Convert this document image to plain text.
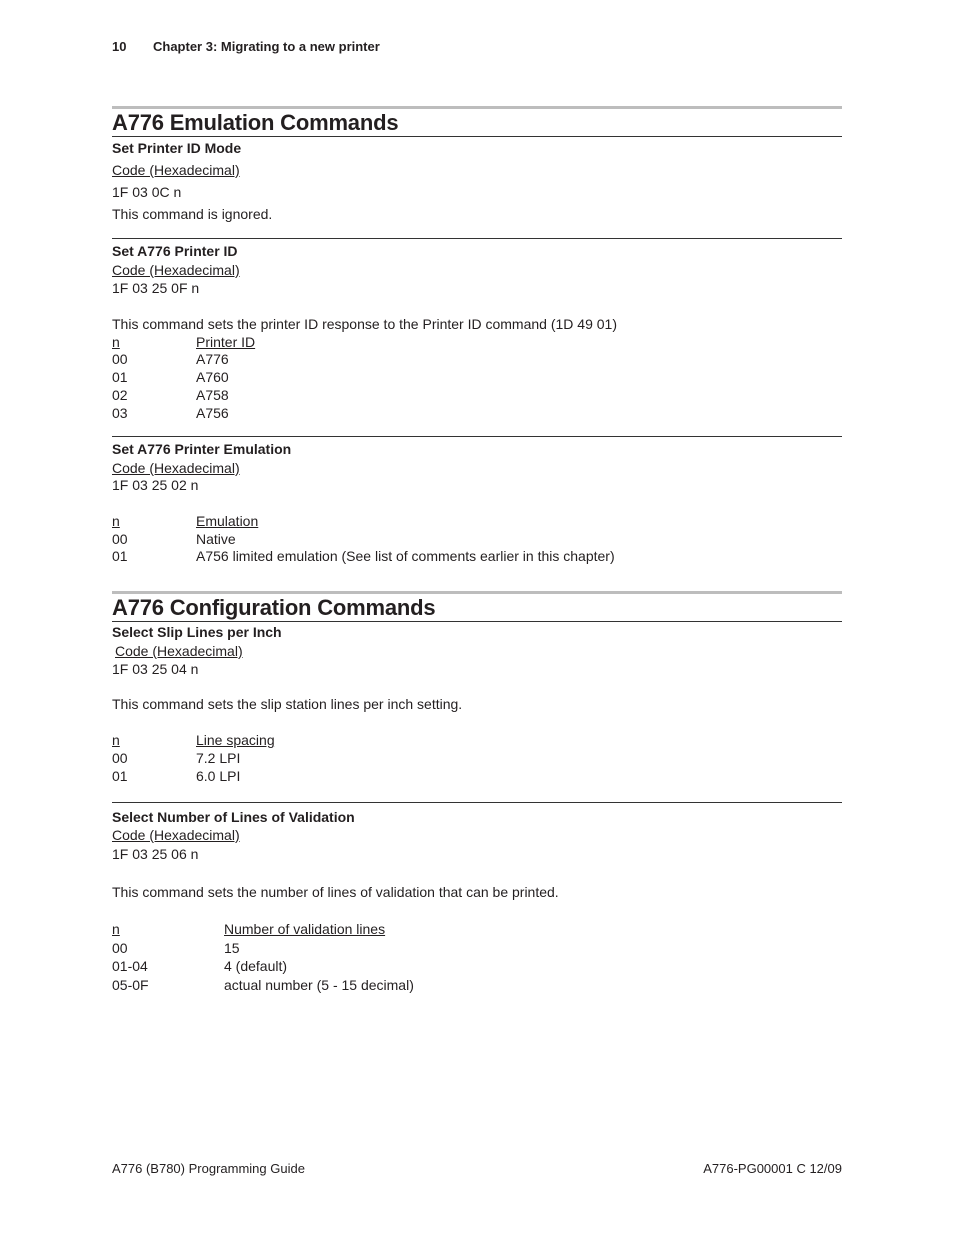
10 Chapter 3: Migrating to a new printer
A776 Emulation Commands
Set Printer ID Mode
Code (Hexadecimal)
1F 03 0C n
This command is ignored.
Set A776 Printer ID
Code (Hexadecimal)
1F 03 25 0F n
This command sets the printer ID response to the Printer ID command (1D 49 01)
n	Printer ID
00	A776
01	A760
02	A758
03	A756
Set A776 Printer Emulation
Code (Hexadecimal)
1F 03 25 02 n
n	Emulation
00	Native
01	A756 limited emulation (See list of comments earlier in this chapter)
A776 Configuration Commands
Select Slip Lines per Inch
Code (Hexadecimal)
1F 03 25 04 n
This command sets the slip station lines per inch setting.
n	Line spacing
00	7.2 LPI
01	6.0 LPI
Select Number of Lines of Validation
Code (Hexadecimal)
1F 03 25 06 n
This command sets the number of lines of validation that can be printed.
n	Number of validation lines
00	15
01-04	4 (default)
05-0F	actual number (5 - 15 decimal)
A776 (B780) Programming Guide	A776-PG00001 C 12/09
